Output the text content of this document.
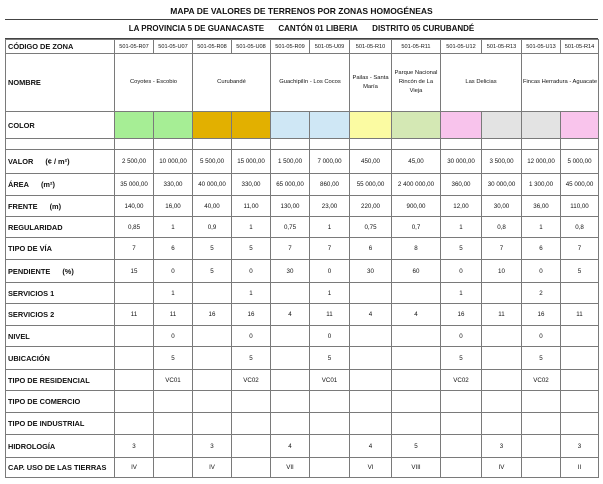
MAPA DE VALORES DE TERRENOS POR ZONAS HOMOGÉNEAS
LA PROVINCIA 5 DE GUANACASTE CANTÓN 01 LIBERIA DISTRITO 05 CURUBANDÉ
CÓDIGO DE ZONA	501-05-R07	501-05-U07	501-05-R08	501-05-U08	501-05-R09	501-05-U09	501-05-R10	501-05-R11	501-05-U12	501-05-R13	501-05-U13	501-05-R14	
NOMBRE	Coyotes - Escobio		Curubandé		Guachipilín - Los Cocos		Pailas - Santa María	Parque Nacional Rincón de La Vieja	Las Delicias		Fincas Herradura - Aguacate	
COLOR													

VALOR (¢ / m²)	2 500,00	10 000,00	5 500,00	15 000,00	1 500,00	7 000,00	450,00	45,00	30 000,00	3 500,00	12 000,00	5 000,00	
ÁREA (m²)	35 000,00	330,00	40 000,00	330,00	65 000,00	860,00	55 000,00	2 400 000,00	360,00	30 000,00	1 300,00	45 000,00	
FRENTE (m)	140,00	16,00	40,00	11,00	130,00	23,00	220,00	900,00	12,00	30,00	36,00	110,00	
REGULARIDAD	0,85	1	0,9	1	0,75	1	0,75	0,7	1	0,8	1	0,8	
TIPO DE VÍA	7	6	5	5	7	7	6	8	5	7	6	7	
PENDIENTE (%)	15	0	5	0	30	0	30	60	0	10	0	5	
SERVICIOS 1		1		1		1			1		2		
SERVICIOS 2	11	11	16	16	4	11	4	4	16	11	16	11	
NIVEL		0		0		0			0		0		
UBICACIÓN		5		5		5			5		5		
TIPO DE RESIDENCIAL		VC01		VC02		VC01			VC02		VC02		
TIPO DE COMERCIO													
TIPO DE INDUSTRIAL													
HIDROLOGÍA	3		3		4		4	5		3		3	
CAP. USO DE LAS TIERRAS	IV		IV		VII		VI	VIII		IV		II	
